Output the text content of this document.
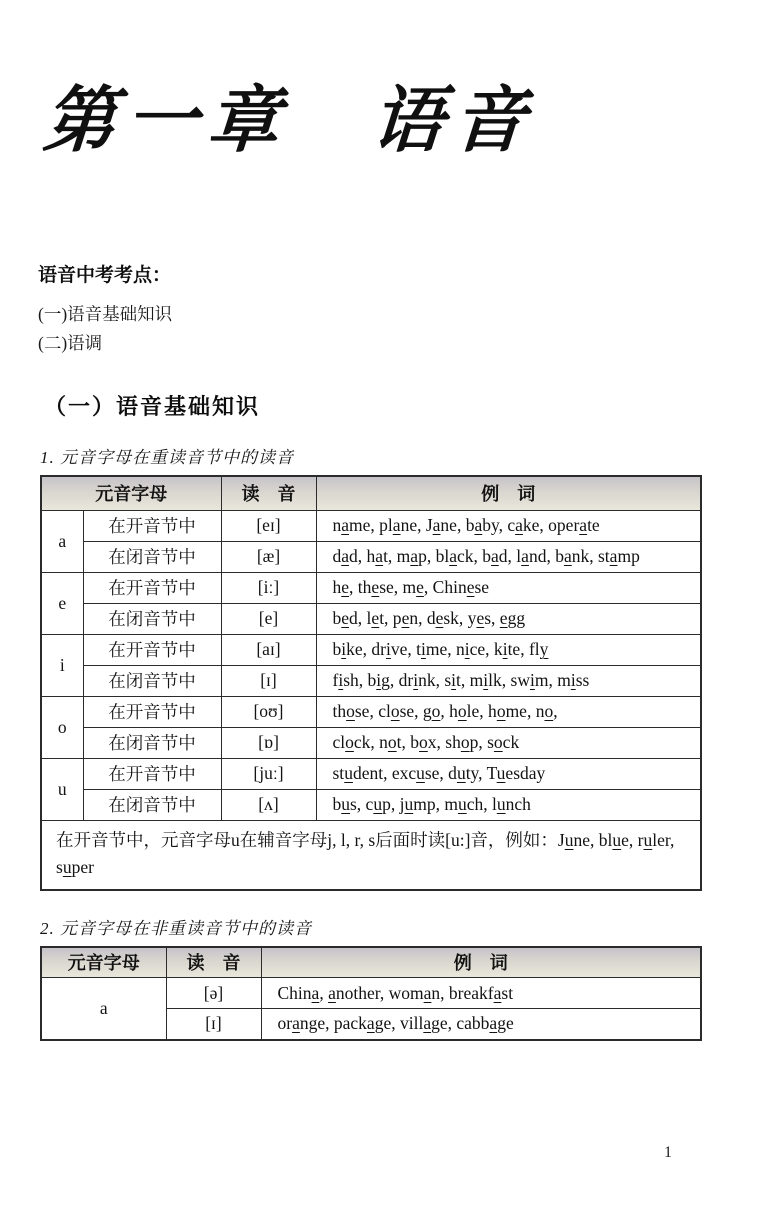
第一章　语音
语音中考考点：
(一)语音基础知识
(二)语调
（一）语音基础知识

1. 元音字母在重读音节中的读音

元音字母		读　音	例　词
a	在开音节中	[eɪ]	name, plane, Jane, baby, cake, operate
	在闭音节中	[æ]	dad, hat, map, black, bad, land, bank, stamp
e	在开音节中	[iː]	he, these, me, Chinese
	在闭音节中	[e]	bed, let, pen, desk, yes, egg
i	在开音节中	[aɪ]	bike, drive, time, nice, kite, fly
	在闭音节中	[ɪ]	fish, big, drink, sit, milk, swim, miss
o	在开音节中	[oʊ]	those, close, go, hole, home, no,
	在闭音节中	[ɒ]	clock, not, box, shop, sock
u	在开音节中	[juː]	student, excuse, duty, Tuesday
	在闭音节中	[ʌ]	bus, cup, jump, much, lunch
在开音节中，元音字母u在辅音字母j, l, r, s后面时读[u:]音，例如：June, blue, ruler, super			

2. 元音字母在非重读音节中的读音

元音字母	读　音	例　词
a	[ə]	China, another, woman, breakfast
	[ɪ]	orange, package, village, cabbage
1
